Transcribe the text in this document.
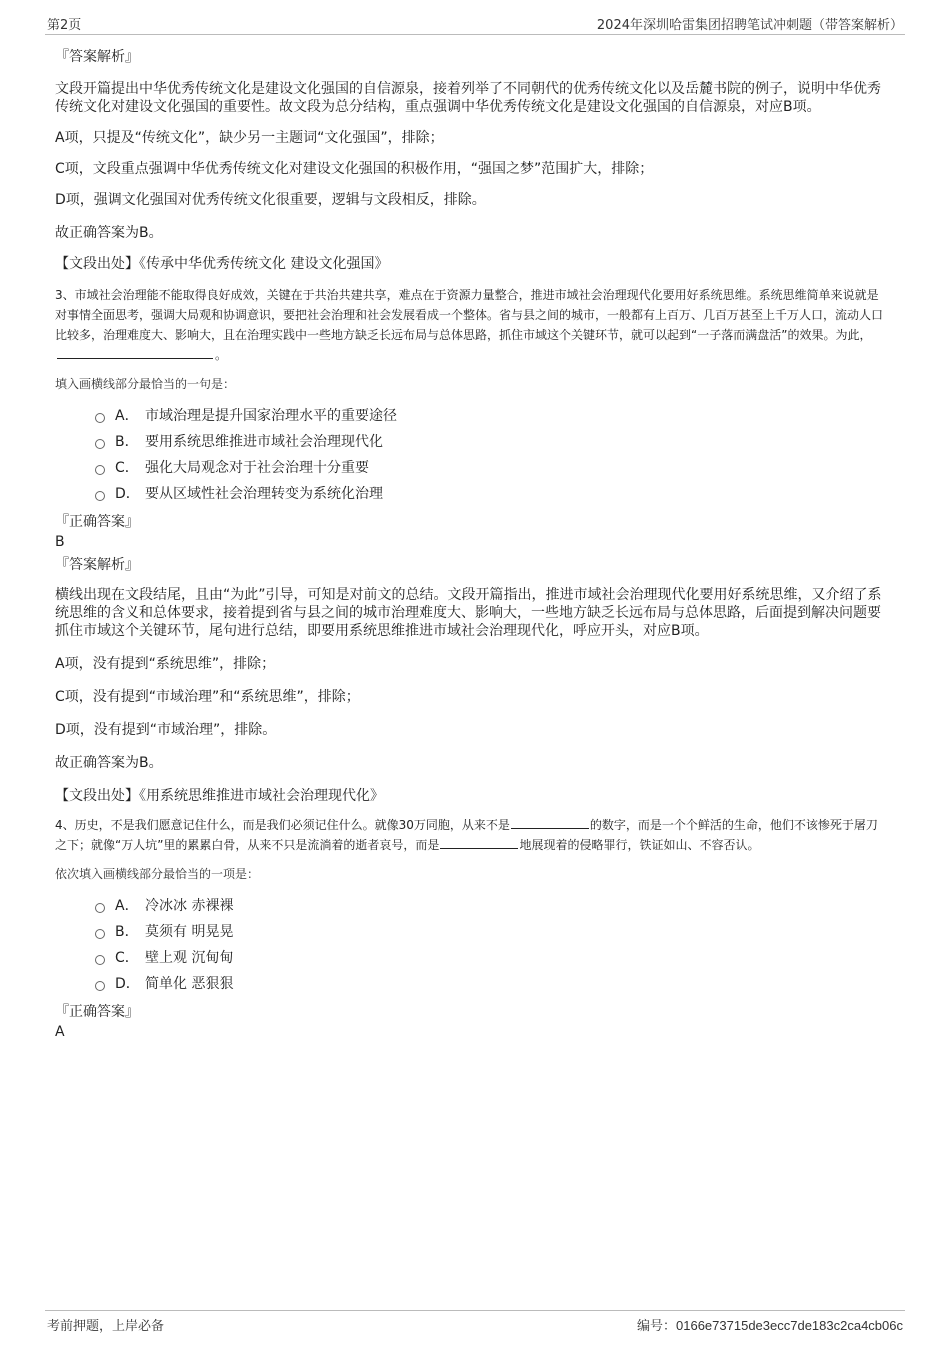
第2页	2024年深圳哈雷集团招聘笔试冲刺题（带答案解析）
『答案解析』

文段开篇提出中华优秀传统文化是建设文化强国的自信源泉，接着列举了不同朝代的优秀传统文化以及岳麓书院的例子，说明中华优秀传统文化对建设文化强国的重要性。故文段为总分结构，重点强调中华优秀传统文化是建设文化强国的自信源泉，对应B项。

A项，只提及“传统文化”，缺少另一主题词“文化强国”，排除；

C项，文段重点强调中华优秀传统文化对建设文化强国的积极作用，“强国之梦”范围扩大，排除；

D项，强调文化强国对优秀传统文化很重要，逻辑与文段相反，排除。

故正确答案为B。

【文段出处】《传承中华优秀传统文化 建设文化强国》

3、市域社会治理能不能取得良好成效，关键在于共治共建共享，难点在于资源力量整合，推进市域社会治理现代化要用好系统思维。系统思维简单来说就是对事情全面思考，强调大局观和协调意识，要把社会治理和社会发展看成一个整体。省与县之间的城市，一般都有上百万、几百万甚至上千万人口，流动人口比较多，治理难度大、影响大，且在治理实践中一些地方缺乏长远布局与总体思路，抓住市域这个关键环节，就可以起到“一子落而满盘活”的效果。为此，。

填入画横线部分最恰当的一句是：

A． 市域治理是提升国家治理水平的重要途径
B． 要用系统思维推进市域社会治理现代化
C． 强化大局观念对于社会治理十分重要
D． 要从区域性社会治理转变为系统化治理
『正确答案』

B

『答案解析』

横线出现在文段结尾，且由“为此”引导，可知是对前文的总结。文段开篇指出，推进市域社会治理现代化要用好系统思维，又介绍了系统思维的含义和总体要求，接着提到省与县之间的城市治理难度大、影响大，一些地方缺乏长远布局与总体思路，后面提到解决问题要抓住市域这个关键环节，尾句进行总结，即要用系统思维推进市域社会治理现代化，呼应开头，对应B项。

A项，没有提到“系统思维”，排除；

C项，没有提到“市域治理”和“系统思维”，排除；

D项，没有提到“市域治理”，排除。

故正确答案为B。

【文段出处】《用系统思维推进市域社会治理现代化》

4、历史，不是我们愿意记住什么，而是我们必须记住什么。就像30万同胞，从来不是	的数字，而是一个个鲜活的生命，他们不该惨死于屠刀之下；就像“万人坑”里的累累白骨，从来不只是流淌着的逝者哀号，而是	地展现着的侵略罪行，铁证如山、不容否认。

依次填入画横线部分最恰当的一项是：

A． 冷冰冰 赤裸裸
B． 莫须有 明晃晃
C． 壁上观 沉甸甸
D． 简单化 恶狠狠
『正确答案』

A

考前押题，上岸必备	编号：0166e73715de3ecc7de183c2ca4cb06c
